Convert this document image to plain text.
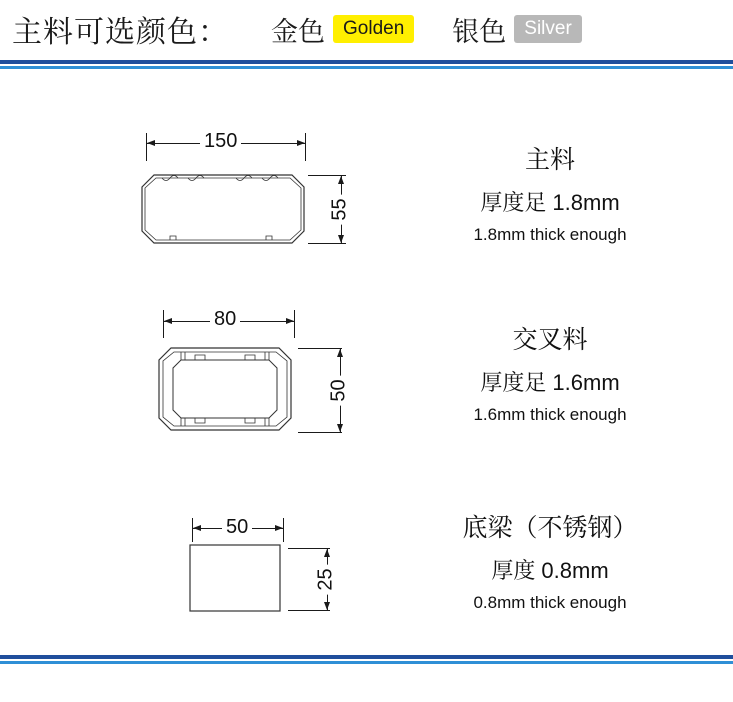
主料可选颜色： 金色 Golden	银色 Silver
150
55
主料
厚度足 1.8mm
1.8mm thick enough
80
50
交叉料
厚度足 1.6mm
1.6mm thick enough
50
25
底梁（不锈钢）
厚度 0.8mm
0.8mm thick enough
